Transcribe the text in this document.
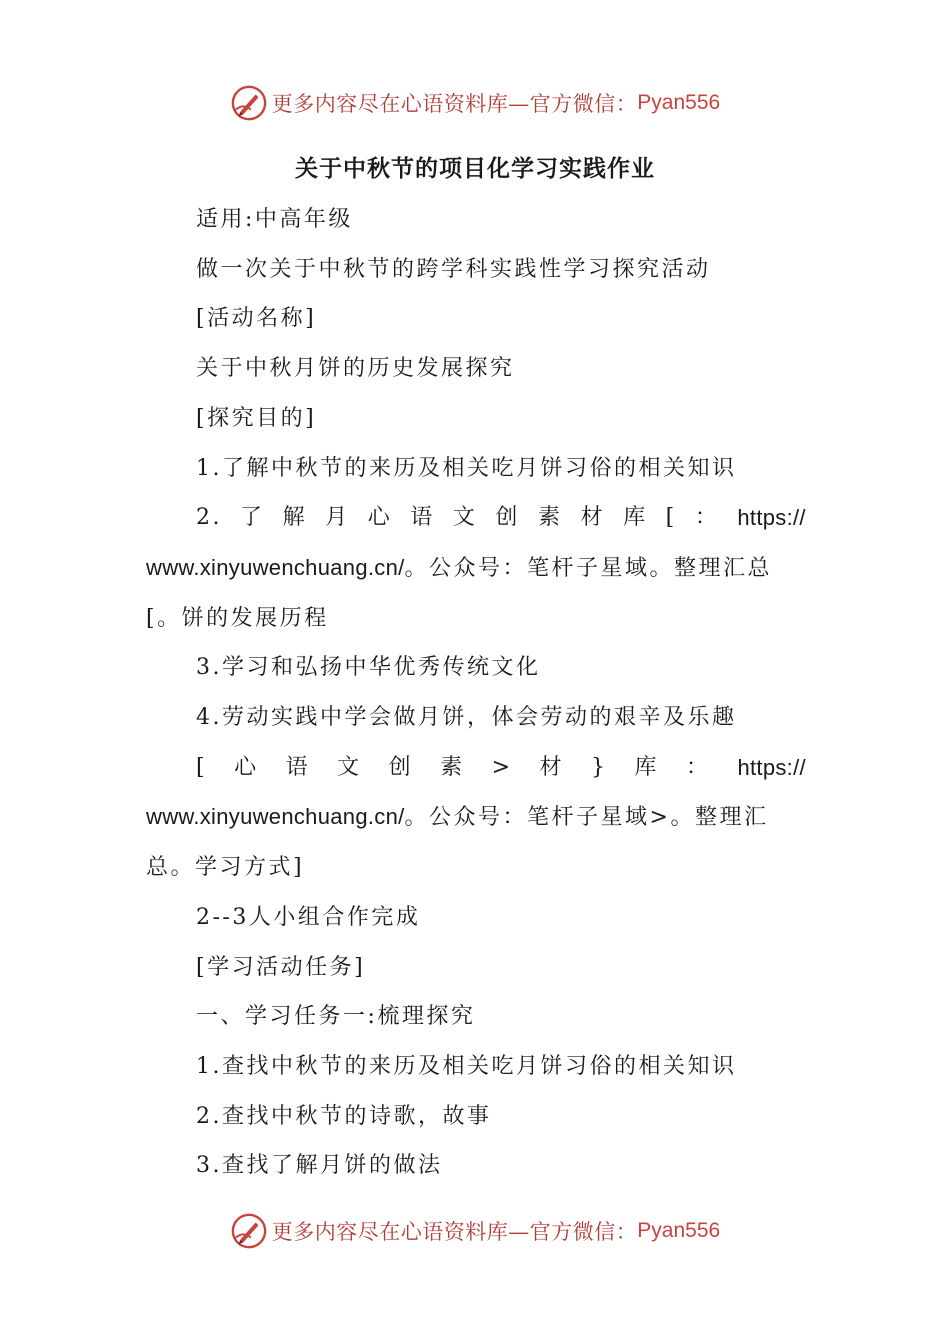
更多内容尽在心语资料库—官方微信： Pyan556
关于中秋节的项目化学习实践作业

适用:中高年级

做一次关于中秋节的跨学科实践性学习探究活动

[活动名称]

关于中秋月饼的历史发展探究

[探究目的]

1.了解中秋节的来历及相关吃月饼习俗的相关知识

2. 了 解 月 心 语 文 创 素 材 库 [ ： https://

www.xinyuwenchuang.cn/。公众号：笔杆子星域。整理汇总

[。饼的发展历程

3.学习和弘扬中华优秀传统文化

4.劳动实践中学会做月饼，体会劳动的艰辛及乐趣

[ 心 语 文 创 素 > 材 } 库 ： https://

www.xinyuwenchuang.cn/。公众号：笔杆子星域>。整理汇

总。学习方式]

2--3人小组合作完成

[学习活动任务]

一、学习任务一:梳理探究

1.查找中秋节的来历及相关吃月饼习俗的相关知识

2.查找中秋节的诗歌，故事

3.查找了解月饼的做法

更多内容尽在心语资料库—官方微信： Pyan556
